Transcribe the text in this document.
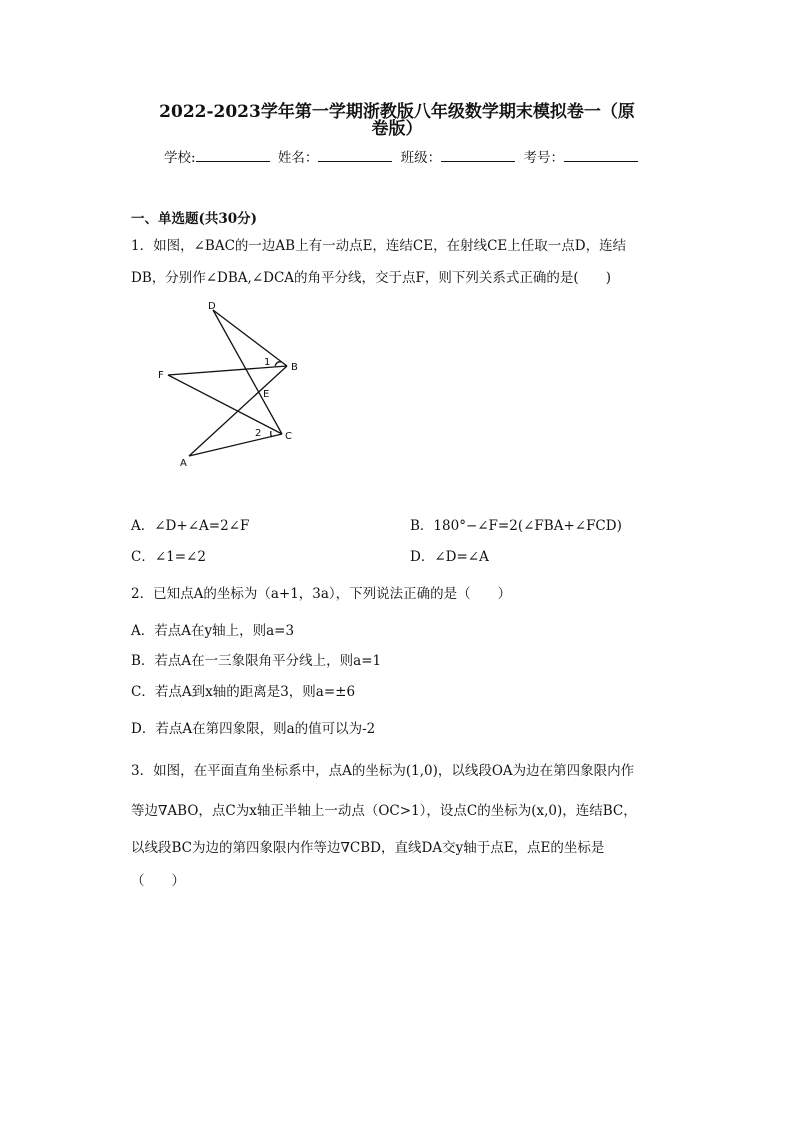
2022-2023学年第一学期浙教版八年级数学期末模拟卷一（原
卷版）
学校:	姓名：	班级：	考号：
一、单选题(共30分)
1．如图，∠BAC的一边AB上有一动点E，连结CE，在射线CE上任取一点D，连结
DB，分别作∠DBA,∠DCA的角平分线，交于点F，则下列关系式正确的是(　　)
D
B
F
E
C
A
1
2
A．∠D+∠A=2∠F	B．180°−∠F=2(∠FBA+∠FCD)
C．∠1=∠2	D．∠D=∠A
2．已知点A的坐标为（a+1，3a），下列说法正确的是（　　）
A．若点A在y轴上，则a=3
B．若点A在一三象限角平分线上，则a=1
C．若点A到x轴的距离是3，则a=±6
D．若点A在第四象限，则a的值可以为-2
3．如图，在平面直角坐标系中，点A的坐标为(1,0)，以线段OA为边在第四象限内作
等边∇ABO，点C为x轴正半轴上一动点（OC>1），设点C的坐标为(x,0)，连结BC，
以线段BC为边的第四象限内作等边∇CBD，直线DA交y轴于点E，点E的坐标是
（　　）
